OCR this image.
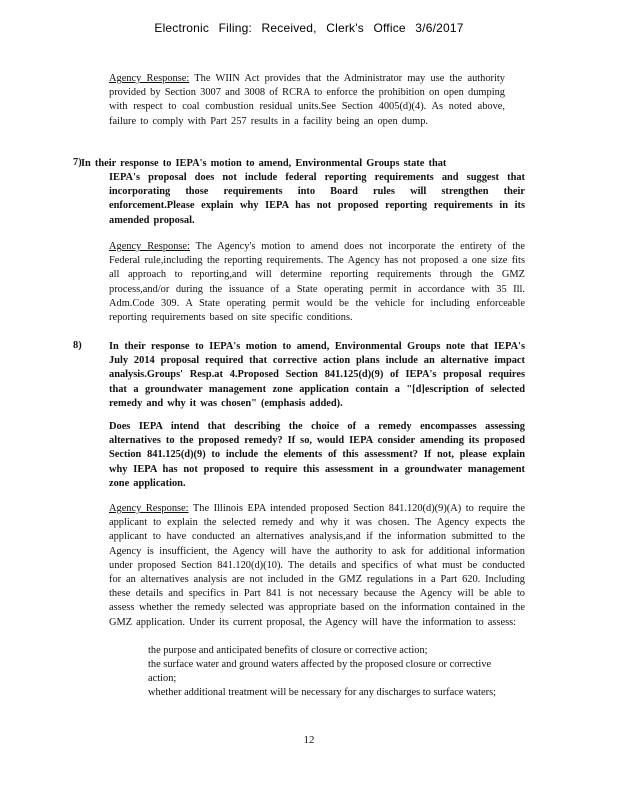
Electronic Filing: Received, Clerk's Office 3/6/2017
Agency Response: The WIIN Act provides that the Administrator may use the authority provided by Section 3007 and 3008 of RCRA to enforce the prohibition on open dumping with respect to coal combustion residual units.See Section 4005(d)(4). As noted above, failure to comply with Part 257 results in a facility being an open dump.
7) In their response to IEPA's motion to amend, Environmental Groups state that
IEPA's proposal does not include federal reporting requirements and suggest that incorporating those requirements into Board rules will strengthen their enforcement.Please explain why IEPA has not proposed reporting requirements in its amended proposal.
Agency Response: The Agency's motion to amend does not incorporate the entirety of the Federal rule,including the reporting requirements. The Agency has not proposed a one size fits all approach to reporting,and will determine reporting requirements through the GMZ process,and/or during the issuance of a State operating permit in accordance with 35 Ill. Adm.Code 309. A State operating permit would be the vehicle for including enforceable reporting requirements based on site specific conditions.
8)	In their response to IEPA's motion to amend, Environmental Groups note that IEPA's July 2014 proposal required that corrective action plans include an alternative impact analysis.Groups' Resp.at 4.Proposed Section 841.125(d)(9) of IEPA's proposal requires that a groundwater management zone application contain a "[d]escription of selected remedy and why it was chosen" (emphasis added).
Does IEPA intend that describing the choice of a remedy encompasses assessing alternatives to the proposed remedy? If so, would IEPA consider amending its proposed Section 841.125(d)(9) to include the elements of this assessment? If not, please explain why IEPA has not proposed to require this assessment in a groundwater management zone application.
Agency Response: The Illinois EPA intended proposed Section 841.120(d)(9)(A) to require the applicant to explain the selected remedy and why it was chosen. The Agency expects the applicant to have conducted an alternatives analysis,and if the information submitted to the Agency is insufficient, the Agency will have the authority to ask for additional information under proposed Section 841.120(d)(10). The details and specifics of what must be conducted for an alternatives analysis are not included in the GMZ regulations in a Part 620. Including these details and specifics in Part 841 is not necessary because the Agency will be able to assess whether the remedy selected was appropriate based on the information contained in the GMZ application. Under its current proposal, the Agency will have the information to assess:
the purpose and anticipated benefits of closure or corrective action;
the surface water and ground waters affected by the proposed closure or corrective action;
whether additional treatment will be necessary for any discharges to surface waters;
12
